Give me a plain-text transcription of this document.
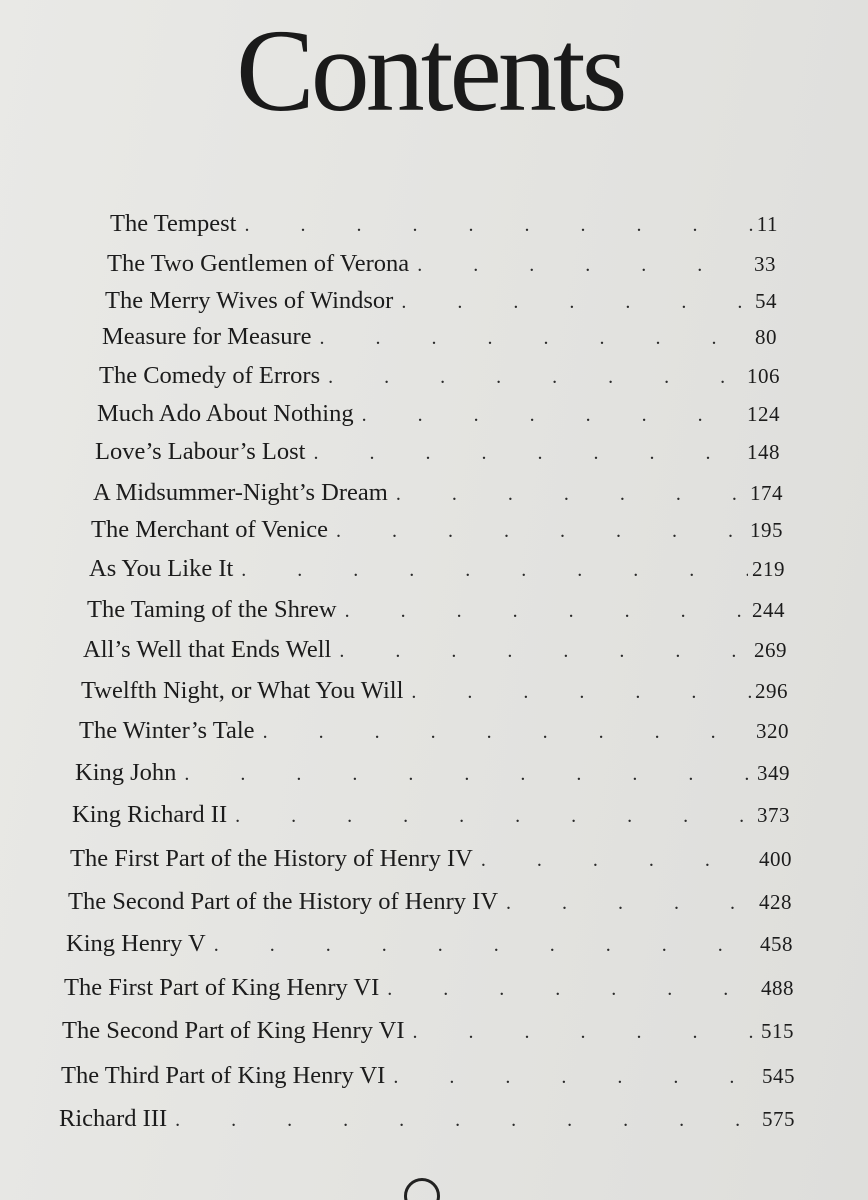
Contents
The Tempest . . .	11
The Two Gentlemen of Verona . . .	33
The Merry Wives of Windsor . . .	54
Measure for Measure . . .	80
The Comedy of Errors . . .	106
Much Ado About Nothing . . .	124
Love’s Labour’s Lost . . .	148
A Midsummer-Night’s Dream . . .	174
The Merchant of Venice . . .	195
As You Like It . . .	219
The Taming of the Shrew . . .	244
All’s Well that Ends Well . . .	269
Twelfth Night, or What You Will . . .	296
The Winter’s Tale . . .	320
King John . . .	349
King Richard II . . .	373
The First Part of the History of Henry IV . . .	400
The Second Part of the History of Henry IV . . .	428
King Henry V . . .	458
The First Part of King Henry VI . . .	488
The Second Part of King Henry VI . . .	515
The Third Part of King Henry VI . . .	545
Richard III . . .	575
